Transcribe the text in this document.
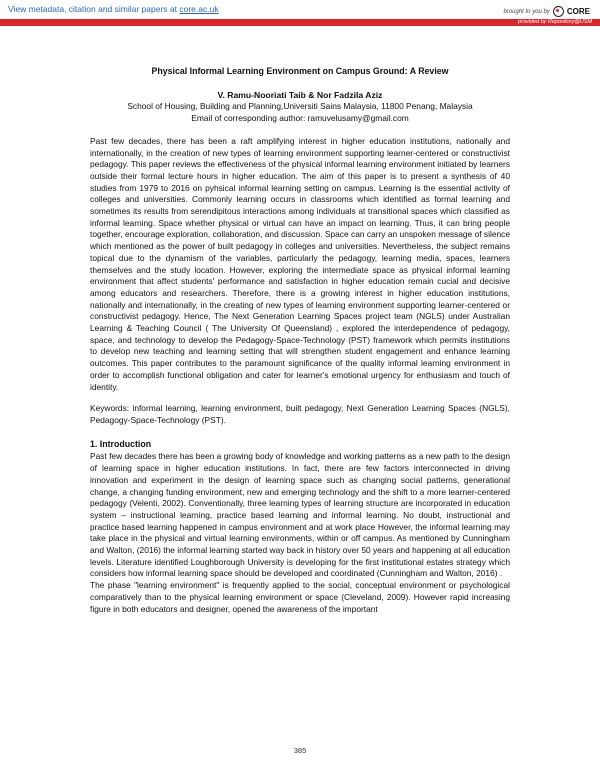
View metadata, citation and similar papers at core.ac.uk	brought to you by CORE
provided by Repository@USM

Physical Informal Learning Environment on Campus Ground: A Review

V. Ramu-Nooriati Taib & Nor Fadzila Aziz

School of Housing, Building and Planning,Universiti Sains Malaysia, 11800 Penang, Malaysia

Email of corresponding author: ramuvelusamy@gmail.com

Past few decades, there has been a raft amplifying interest in higher education institutions, nationally and internationally, in the creation of new types of learning environment supporting learner-centered or constructivist pedagogy. This paper reviews the effectiveness of the physical informal learning environment initiated by learners outside their formal lecture hours in higher education. The aim of this paper is to present a synthesis of 40 studies from 1979 to 2016 on pyhsical informal learning setting on campus. Learning is the essential activity of colleges and universities. Commonly learning occurs in classrooms which identified as formal learning and sometimes its results from serendipitous interactions among individuals at transitional spaces which classified as informal learning. Space whether physical or virtual can have an impact on learning. Thus, it can bring people together, encourage exploration, collaboration, and discussion. Space can carry an unspoken message of silence which mentioned as the power of built pedagogy in colleges and universities. Nevertheless, the subject remains topical due to the dynamism of the variables, particularly the pedagogy, learning media, spaces, learners themselves and the study location. However, exploring the intermediate space as physical informal learning environment that affect students' performance and satisfaction in higher education remain cucial and decisive among educators and researchers. Therefore, there is a growing interest in higher education institutions, nationally and internationally, in the creating of new types of learning environment supporting learner-centered or constructivist pedagogy. Hence, The Next Generation Learning Spaces project team (NGLS) under Australian Learning & Teaching Council ( The University Of Queensland) , explored the interdependence of pedagogy, space, and technology to develop the Pedagogy-Space-Technology (PST) framework which permits institutions to develop new teaching and learning setting that will strengthen student engagement and enhance learning outcomes. This paper contributes to the paramount significance of the quality informal learning environment in order to accomplish functional obligation and cater for learner's emotional urgency for enthusiasm and touch of identity.

Keywords: informal learning, learning environment, built pedagogy, Next Generation Learning Spaces (NGLS), Pedagogy-Space-Technology (PST).

1. Introduction

Past few decades there has been a growing body of knowledge and working patterns as a new path to the design of learning space in higher education institutions. In fact, there are few factors interconnected in driving innovation and experiment in the design of learning space such as changing social patterns, generational change, a changing funding environment, new and emerging technology and the shift to a more learner-centered pedagogy (Velenti, 2002). Conventionally, three learning types of learning structure are incorporated in education system – instructional learning, practice based learning and informal learning. No doubt, instructional and practice based learning happened in campus environment and at work place However, the informal learning may take place in the physical and virtual learning environments, within or off campus. As mentioned by Cunningham and Walton, (2016) the informal learning started way back in history over 50 years and happening at all education levels. Literature identified Loughborough University is developing for the first institutional estates strategy which considers how informal learning space should be developed and coordinated (Cunningham and Walton, 2016) .

The phase "learning environment" is frequently applied to the social, conceptual environment or psychological comparatively than to the physical learning environment or space (Cleveland, 2009). However rapid increasing figure in both educators and designer, opened the awareness of the important

385
